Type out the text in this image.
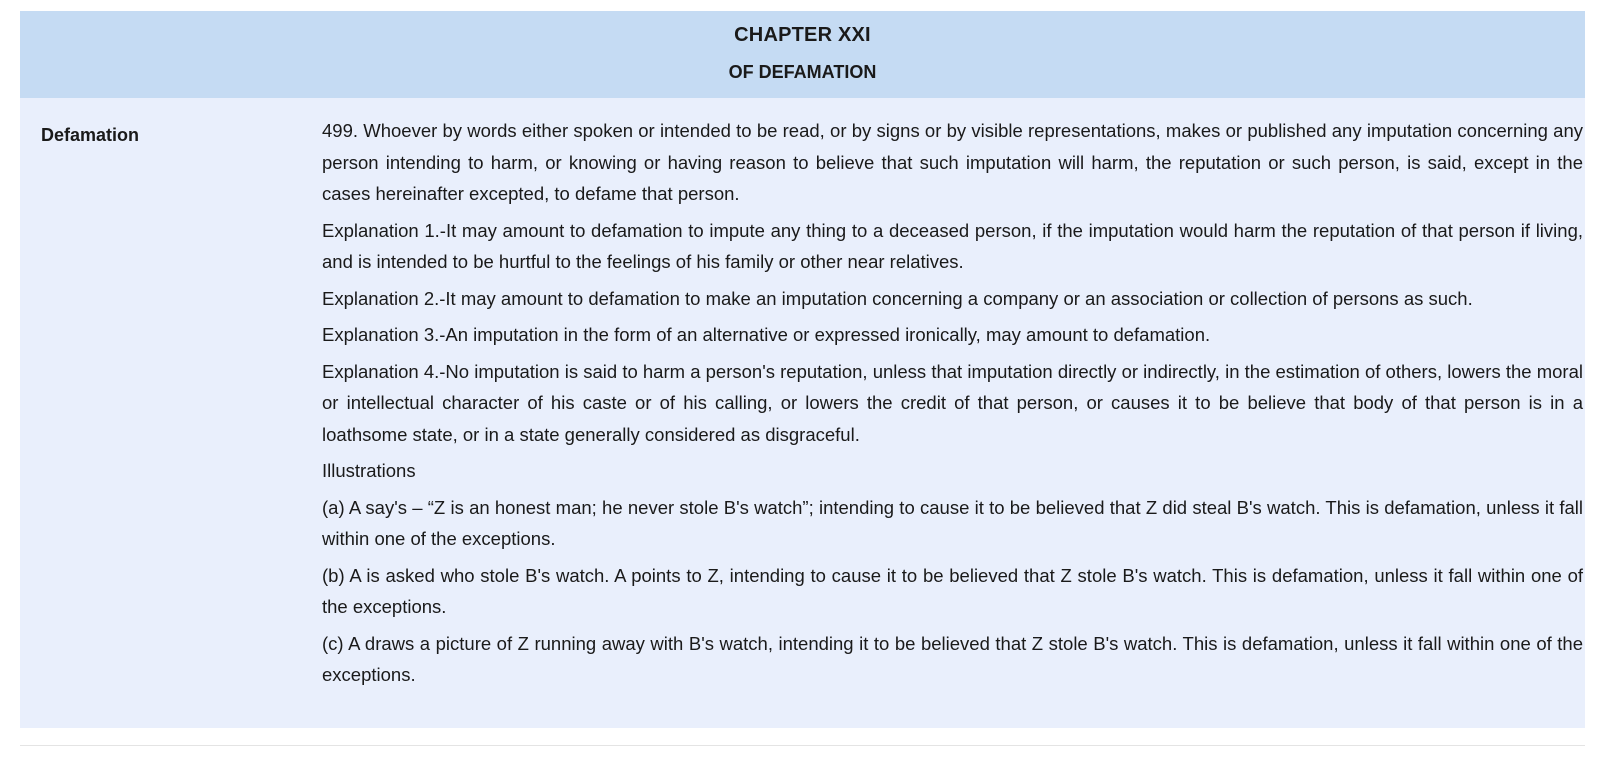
CHAPTER XXI
OF DEFAMATION
Defamation	499. Whoever by words either spoken or intended to be read, or by signs or by visible representations, makes or published any imputation concerning any person intending to harm, or knowing or having reason to believe that such imputation will harm, the reputation or such person, is said, except in the cases hereinafter excepted, to defame that person.

Explanation 1.-It may amount to defamation to impute any thing to a deceased person, if the imputation would harm the reputation of that person if living, and is intended to be hurtful to the feelings of his family or other near relatives.

Explanation 2.-It may amount to defamation to make an imputation concerning a company or an association or collection of persons as such.

Explanation 3.-An imputation in the form of an alternative or expressed ironically, may amount to defamation.

Explanation 4.-No imputation is said to harm a person's reputation, unless that imputation directly or indirectly, in the estimation of others, lowers the moral or intellectual character of his caste or of his calling, or lowers the credit of that person, or causes it to be believe that body of that person is in a loathsome state, or in a state generally considered as disgraceful.

Illustrations

(a) A say's – “Z is an honest man; he never stole B's watch”; intending to cause it to be believed that Z did steal B's watch. This is defamation, unless it fall within one of the exceptions.

(b) A is asked who stole B's watch. A points to Z, intending to cause it to be believed that Z stole B's watch. This is defamation, unless it fall within one of the exceptions.

(c) A draws a picture of Z running away with B's watch, intending it to be believed that Z stole B's watch. This is defamation, unless it fall within one of the exceptions.
